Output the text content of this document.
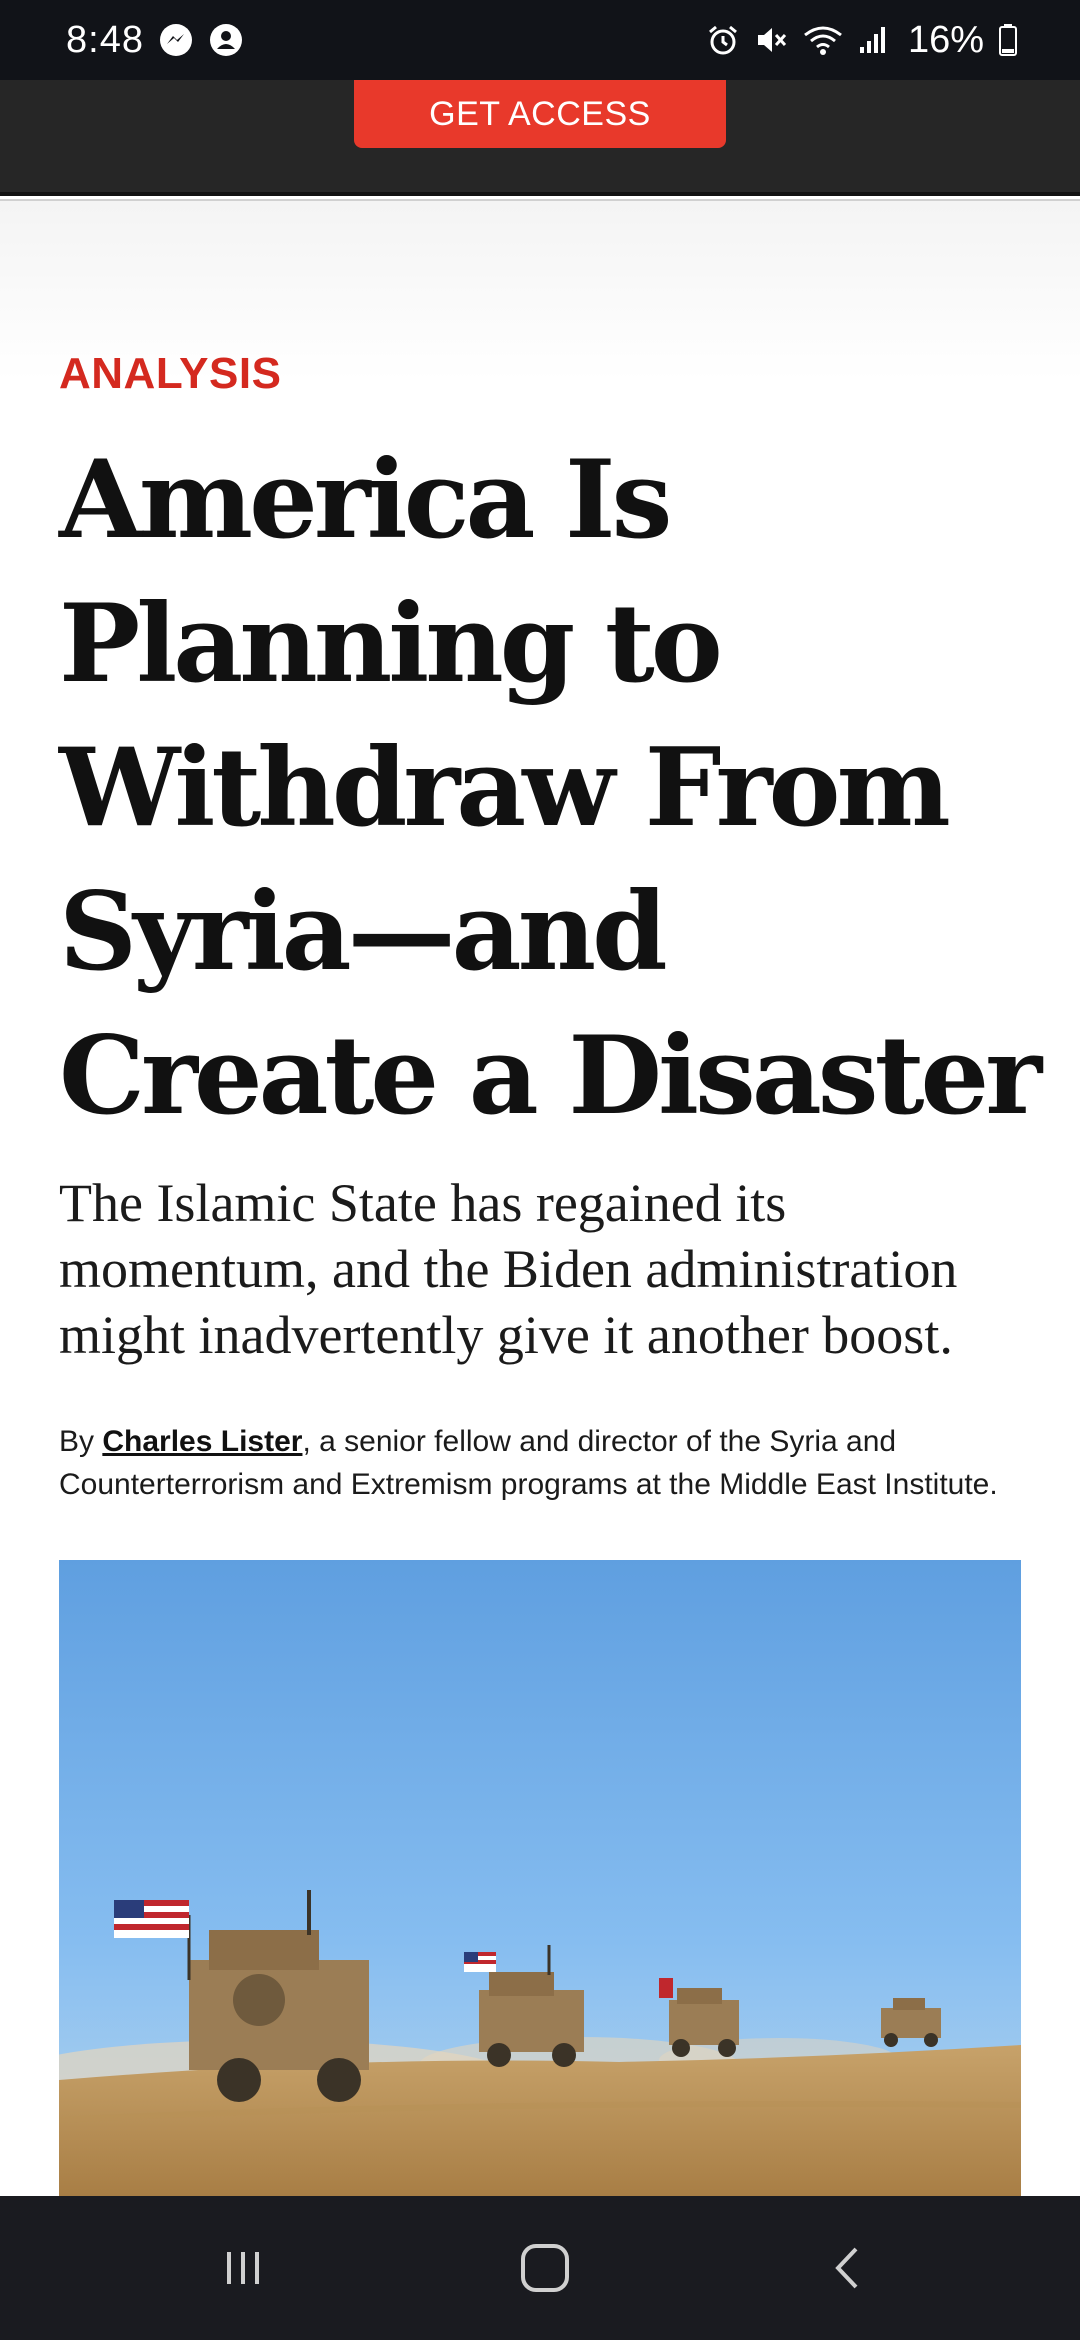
8:48	16%
GET ACCESS
ANALYSIS
America Is Planning to Withdraw From Syria—and Create a Disaster

The Islamic State has regained its momentum, and the Biden administration might inadvertently give it another boost.

By Charles Lister, a senior fellow and director of the Syria and Counterterrorism and Extremism programs at the Middle East Institute.
